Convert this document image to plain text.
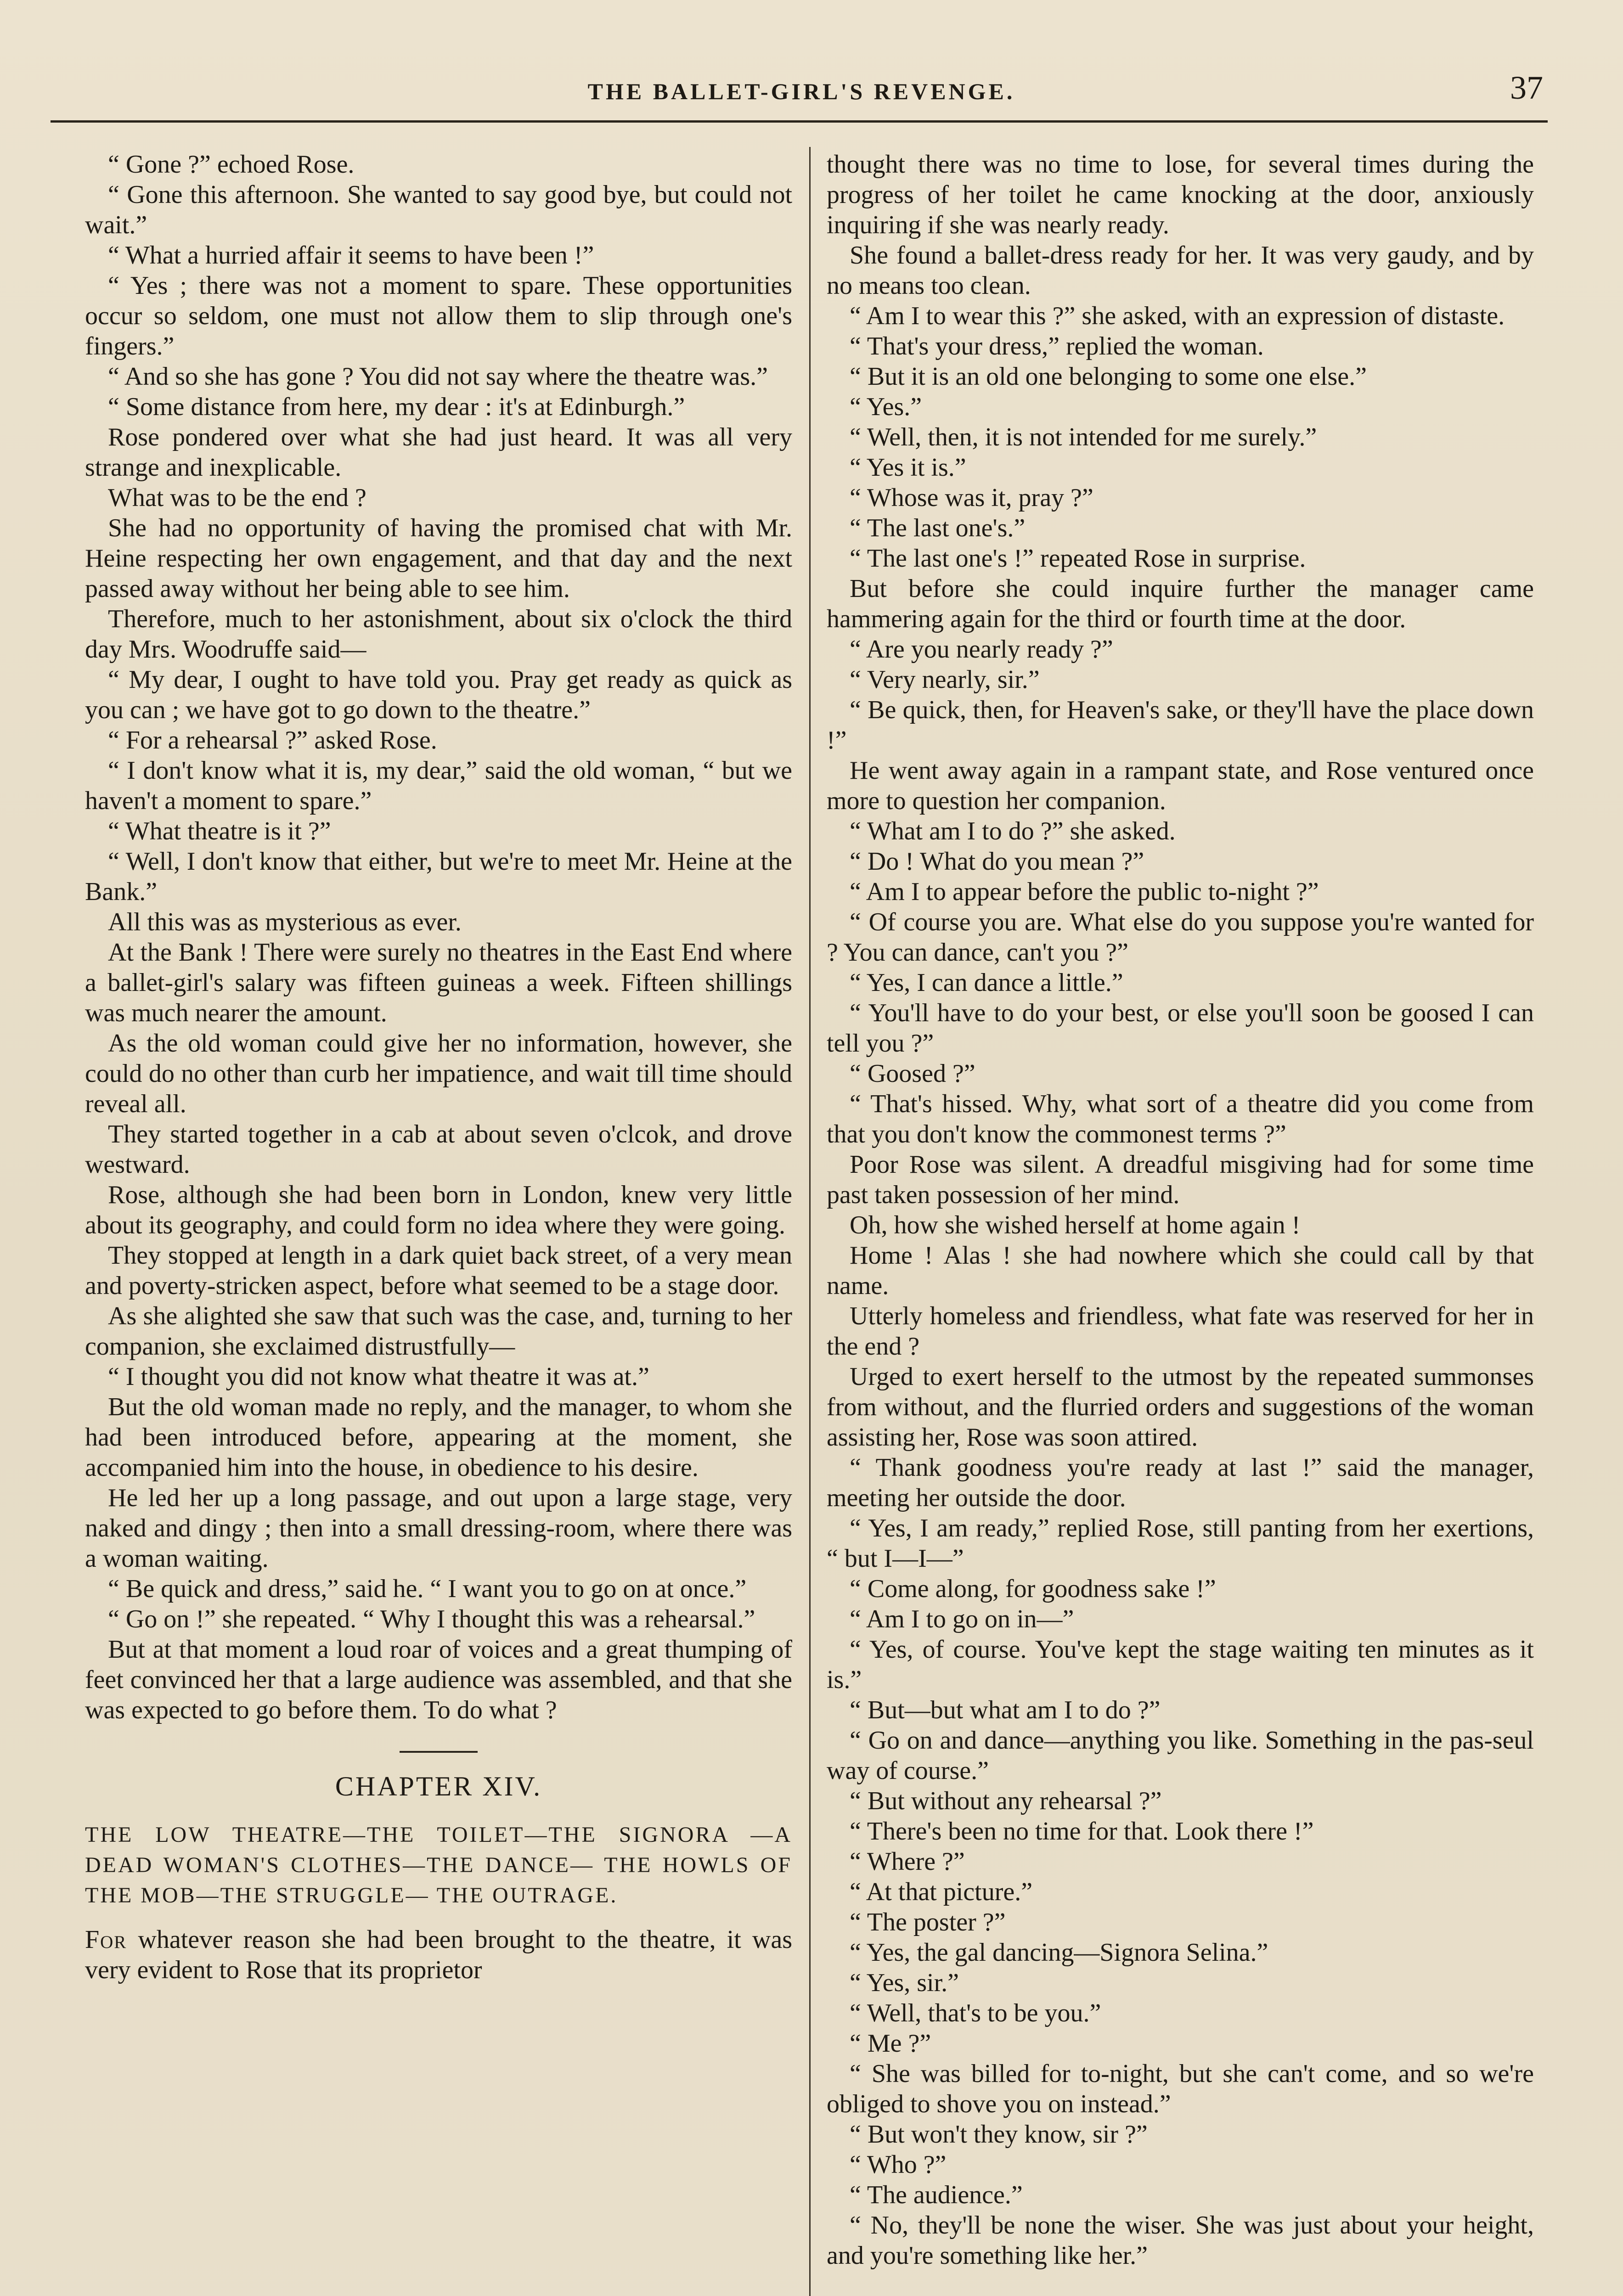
THE BALLET-GIRL'S REVENGE.	37

“ Gone ?” echoed Rose.

“ Gone this afternoon. She wanted to say good bye, but could not wait.”

“ What a hurried affair it seems to have been !”

“ Yes ; there was not a moment to spare. These opportunities occur so seldom, one must not allow them to slip through one's fingers.”

“ And so she has gone ? You did not say where the theatre was.”

“ Some distance from here, my dear : it's at Edinburgh.”

Rose pondered over what she had just heard. It was all very strange and inexplicable.

What was to be the end ?

She had no opportunity of having the promised chat with Mr. Heine respecting her own engagement, and that day and the next passed away without her being able to see him.

Therefore, much to her astonishment, about six o'clock the third day Mrs. Woodruffe said—

“ My dear, I ought to have told you. Pray get ready as quick as you can ; we have got to go down to the theatre.”

“ For a rehearsal ?” asked Rose.

“ I don't know what it is, my dear,” said the old woman, “ but we haven't a moment to spare.”

“ What theatre is it ?”

“ Well, I don't know that either, but we're to meet Mr. Heine at the Bank.”

All this was as mysterious as ever.

At the Bank ! There were surely no theatres in the East End where a ballet-girl's salary was fifteen guineas a week. Fifteen shillings was much nearer the amount.

As the old woman could give her no information, however, she could do no other than curb her impatience, and wait till time should reveal all.

They started together in a cab at about seven o'clcok, and drove westward.

Rose, although she had been born in London, knew very little about its geography, and could form no idea where they were going.

They stopped at length in a dark quiet back street, of a very mean and poverty-stricken aspect, before what seemed to be a stage door.

As she alighted she saw that such was the case, and, turning to her companion, she exclaimed distrustfully—

“ I thought you did not know what theatre it was at.”

But the old woman made no reply, and the manager, to whom she had been introduced before, appearing at the moment, she accompanied him into the house, in obedience to his desire.

He led her up a long passage, and out upon a large stage, very naked and dingy ; then into a small dressing-room, where there was a woman waiting.

“ Be quick and dress,” said he. “ I want you to go on at once.”

“ Go on !” she repeated. “ Why I thought this was a rehearsal.”

But at that moment a loud roar of voices and a great thumping of feet convinced her that a large audience was assembled, and that she was expected to go before them. To do what ?

CHAPTER XIV.
THE LOW THEATRE—THE TOILET—THE SIGNORA —A DEAD WOMAN'S CLOTHES—THE DANCE— THE HOWLS OF THE MOB—THE STRUGGLE— THE OUTRAGE.

For whatever reason she had been brought to the theatre, it was very evident to Rose that its proprietor

thought there was no time to lose, for several times during the progress of her toilet he came knocking at the door, anxiously inquiring if she was nearly ready.

She found a ballet-dress ready for her. It was very gaudy, and by no means too clean.

“ Am I to wear this ?” she asked, with an expression of distaste.

“ That's your dress,” replied the woman.

“ But it is an old one belonging to some one else.”

“ Yes.”

“ Well, then, it is not intended for me surely.”

“ Yes it is.”

“ Whose was it, pray ?”

“ The last one's.”

“ The last one's !” repeated Rose in surprise.

But before she could inquire further the manager came hammering again for the third or fourth time at the door.

“ Are you nearly ready ?”

“ Very nearly, sir.”

“ Be quick, then, for Heaven's sake, or they'll have the place down !”

He went away again in a rampant state, and Rose ventured once more to question her companion.

“ What am I to do ?” she asked.

“ Do ! What do you mean ?”

“ Am I to appear before the public to-night ?”

“ Of course you are. What else do you suppose you're wanted for ? You can dance, can't you ?”

“ Yes, I can dance a little.”

“ You'll have to do your best, or else you'll soon be goosed I can tell you ?”

“ Goosed ?”

“ That's hissed. Why, what sort of a theatre did you come from that you don't know the commonest terms ?”

Poor Rose was silent. A dreadful misgiving had for some time past taken possession of her mind.

Oh, how she wished herself at home again !

Home ! Alas ! she had nowhere which she could call by that name.

Utterly homeless and friendless, what fate was reserved for her in the end ?

Urged to exert herself to the utmost by the repeated summonses from without, and the flurried orders and suggestions of the woman assisting her, Rose was soon attired.

“ Thank goodness you're ready at last !” said the manager, meeting her outside the door.

“ Yes, I am ready,” replied Rose, still panting from her exertions, “ but I—I—”

“ Come along, for goodness sake !”

“ Am I to go on in—”

“ Yes, of course. You've kept the stage waiting ten minutes as it is.”

“ But—but what am I to do ?”

“ Go on and dance—anything you like. Something in the pas-seul way of course.”

“ But without any rehearsal ?”

“ There's been no time for that. Look there !”

“ Where ?”

“ At that picture.”

“ The poster ?”

“ Yes, the gal dancing—Signora Selina.”

“ Yes, sir.”

“ Well, that's to be you.”

“ Me ?”

“ She was billed for to-night, but she can't come, and so we're obliged to shove you on instead.”

“ But won't they know, sir ?”

“ Who ?”

“ The audience.”

“ No, they'll be none the wiser. She was just about your height, and you're something like her.”
